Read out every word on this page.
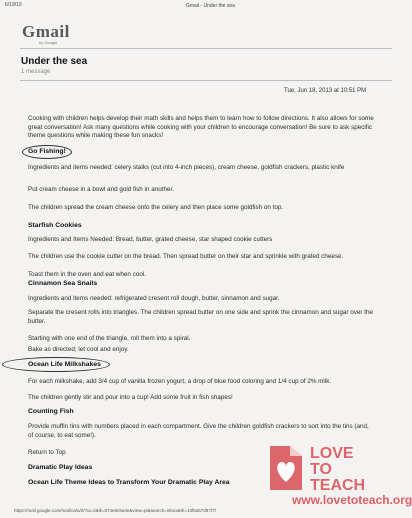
6/19/13	Gmail - Under the sea
Gmail
by Google
Under the sea
1 message
Tue, Jun 18, 2013 at 10:51 PM
Cooking with children helps develop their math skills and helps them to learn how to follow directions. It also allows for some great conversation! Ask many questions while cooking with your children to encourage conversation! Be sure to ask specific theme questions while making these fun snacks!
Go Fishing!
Ingredients and items needed: celery stalks (cut into 4-inch pieces), cream cheese, goldfish crackers, plastic knife
Put cream cheese in a bowl and gold fish in another.
The children spread the cream cheese onto the celery and then place some goldfish on top.
Starfish Cookies
Ingredients and Items Needed: Bread, butter, grated cheese, star shaped cookie cutters
The children use the cookie cutter on the bread. Then spread butter on their star and sprinkle with grated cheese.
Toast them in the oven and eat when cool.
Cinnamon Sea Snails
Ingredients and items needed: refrigerated cresent roll dough, butter, sinnamon and sugar.
Separate the cresent rolls into triangles. The children spread butter on one side and sprink the cinnamon and sugar over the butter.
Starting with one end of the triangle, roll them into a spiral.
Bake as directed; let cool and enjoy.
Ocean Life Milkshakes
For each milkshake, add 3/4 cup of vanilla frozen yogurt, a drop of blue food coloring and 1/4 cup of 2% milk.
The children gently stir and pour into a cup! Add some fruit in fish shapes!
Counting Fish
Provide muffin tins with numbers placed in each compartment. Give the children goldfish crackers to sort into the tins (and, of course, to eat some!).
Return to Top
Dramatic Play Ideas
Ocean Life Theme Ideas to Transform Your Dramatic Play Area
https://mail.google.com/mail/ca/u/0/?ui=2&ik=874e8c8a4e&view=pt&search=inbox&th=13f5a57d97f7f
LOVE
TO
TEACH
www.lovetoteach.org
